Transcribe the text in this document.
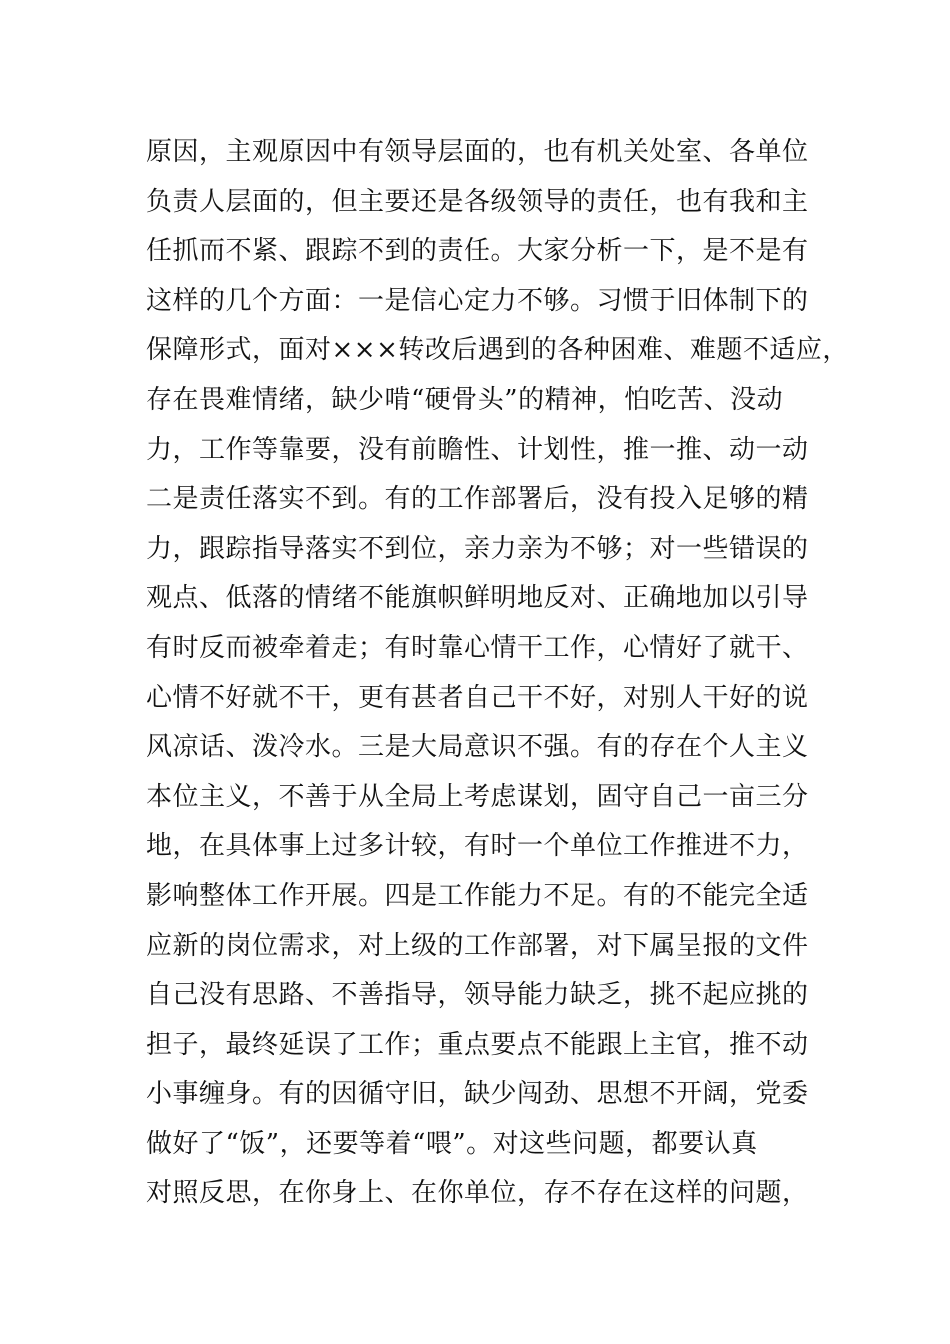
原因，主观原因中有领导层面的，也有机关处室、各单位
负责人层面的，但主要还是各级领导的责任，也有我和主
任抓而不紧、跟踪不到的责任。大家分析一下，是不是有
这样的几个方面：一是信心定力不够。习惯于旧体制下的
保障形式，面对×××转改后遇到的各种困难、难题不适应，
存在畏难情绪，缺少啃“硬骨头”的精神，怕吃苦、没动
力，工作等靠要，没有前瞻性、计划性，推一推、动一动
二是责任落实不到。有的工作部署后，没有投入足够的精
力，跟踪指导落实不到位，亲力亲为不够；对一些错误的
观点、低落的情绪不能旗帜鲜明地反对、正确地加以引导
有时反而被牵着走；有时靠心情干工作，心情好了就干、
心情不好就不干，更有甚者自己干不好，对别人干好的说
风凉话、泼冷水。三是大局意识不强。有的存在个人主义
本位主义，不善于从全局上考虑谋划，固守自己一亩三分
地，在具体事上过多计较，有时一个单位工作推进不力，
影响整体工作开展。四是工作能力不足。有的不能完全适
应新的岗位需求，对上级的工作部署，对下属呈报的文件
自己没有思路、不善指导，领导能力缺乏，挑不起应挑的
担子，最终延误了工作；重点要点不能跟上主官，推不动
小事缠身。有的因循守旧，缺少闯劲、思想不开阔，党委
做好了“饭”，还要等着“喂”。对这些问题，都要认真
对照反思，在你身上、在你单位，存不存在这样的问题，
